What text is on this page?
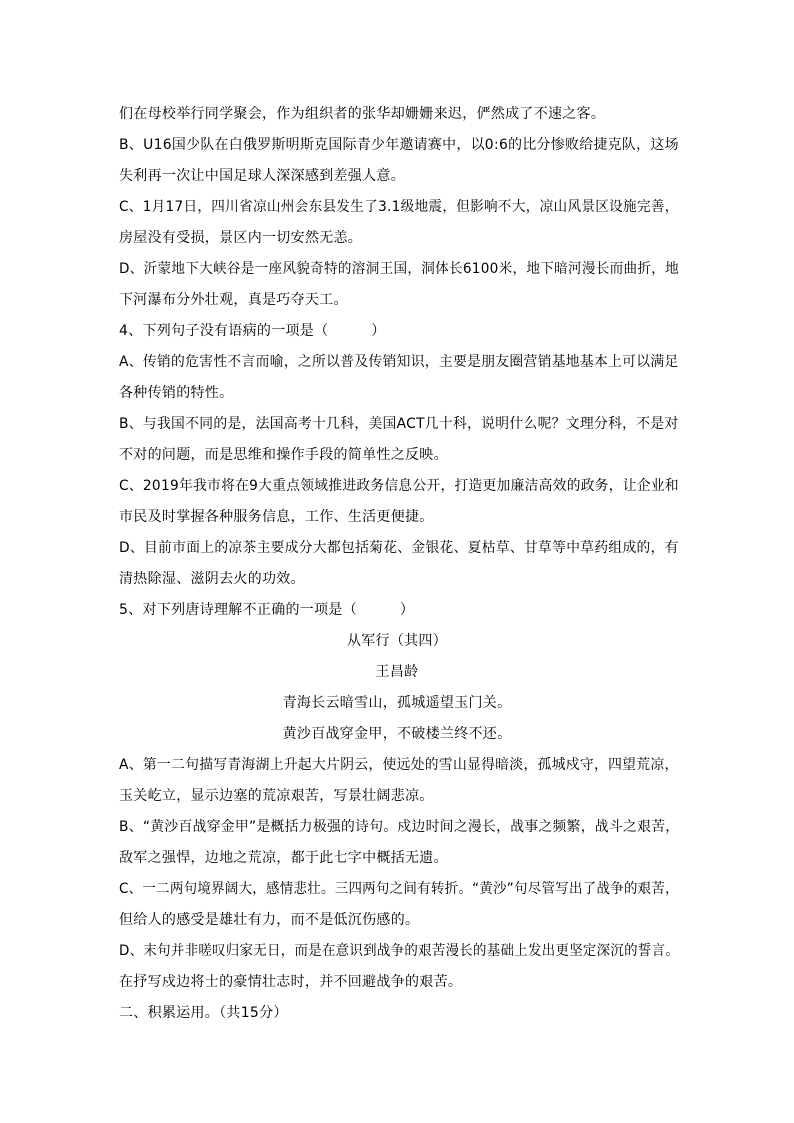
们在母校举行同学聚会，作为组织者的张华却姗姗来迟，俨然成了不速之客。
B、U16国少队在白俄罗斯明斯克国际青少年邀请赛中，以0:6的比分惨败给捷克队，这场
失利再一次让中国足球人深深感到差强人意。
C、1月17日，四川省凉山州会东县发生了3.1级地震，但影响不大，凉山风景区设施完善，
房屋没有受损，景区内一切安然无恙。
D、沂蒙地下大峡谷是一座风貌奇特的溶洞王国，洞体长6100米，地下暗河漫长而曲折，地
下河瀑布分外壮观，真是巧夺天工。
4、下列句子没有语病的一项是（　　　）
A、传销的危害性不言而喻，之所以普及传销知识，主要是朋友圈营销基地基本上可以满足
各种传销的特性。
B、与我国不同的是，法国高考十几科，美国ACT几十科，说明什么呢？文理分科，不是对
不对的问题，而是思维和操作手段的简单性之反映。
C、2019年我市将在9大重点领域推进政务信息公开，打造更加廉洁高效的政务，让企业和
市民及时掌握各种服务信息，工作、生活更便捷。
D、目前市面上的凉茶主要成分大都包括菊花、金银花、夏枯草、甘草等中草药组成的，有
清热除湿、滋阴去火的功效。
5、对下列唐诗理解不正确的一项是（　　　）
从军行（其四）
王昌龄
青海长云暗雪山，孤城遥望玉门关。
黄沙百战穿金甲，不破楼兰终不还。
A、第一二句描写青海湖上升起大片阴云，使远处的雪山显得暗淡，孤城戍守，四望荒凉，
玉关屹立，显示边塞的荒凉艰苦，写景壮阔悲凉。
B、“黄沙百战穿金甲”是概括力极强的诗句。戍边时间之漫长，战事之频繁，战斗之艰苦，
敌军之强悍，边地之荒凉，都于此七字中概括无遗。
C、一二两句境界阔大，感情悲壮。三四两句之间有转折。“黄沙”句尽管写出了战争的艰苦，
但给人的感受是雄壮有力，而不是低沉伤感的。
D、末句并非嗟叹归家无日，而是在意识到战争的艰苦漫长的基础上发出更坚定深沉的誓言。
在抒写戍边将士的豪情壮志时，并不回避战争的艰苦。
二、积累运用。（共15分）
